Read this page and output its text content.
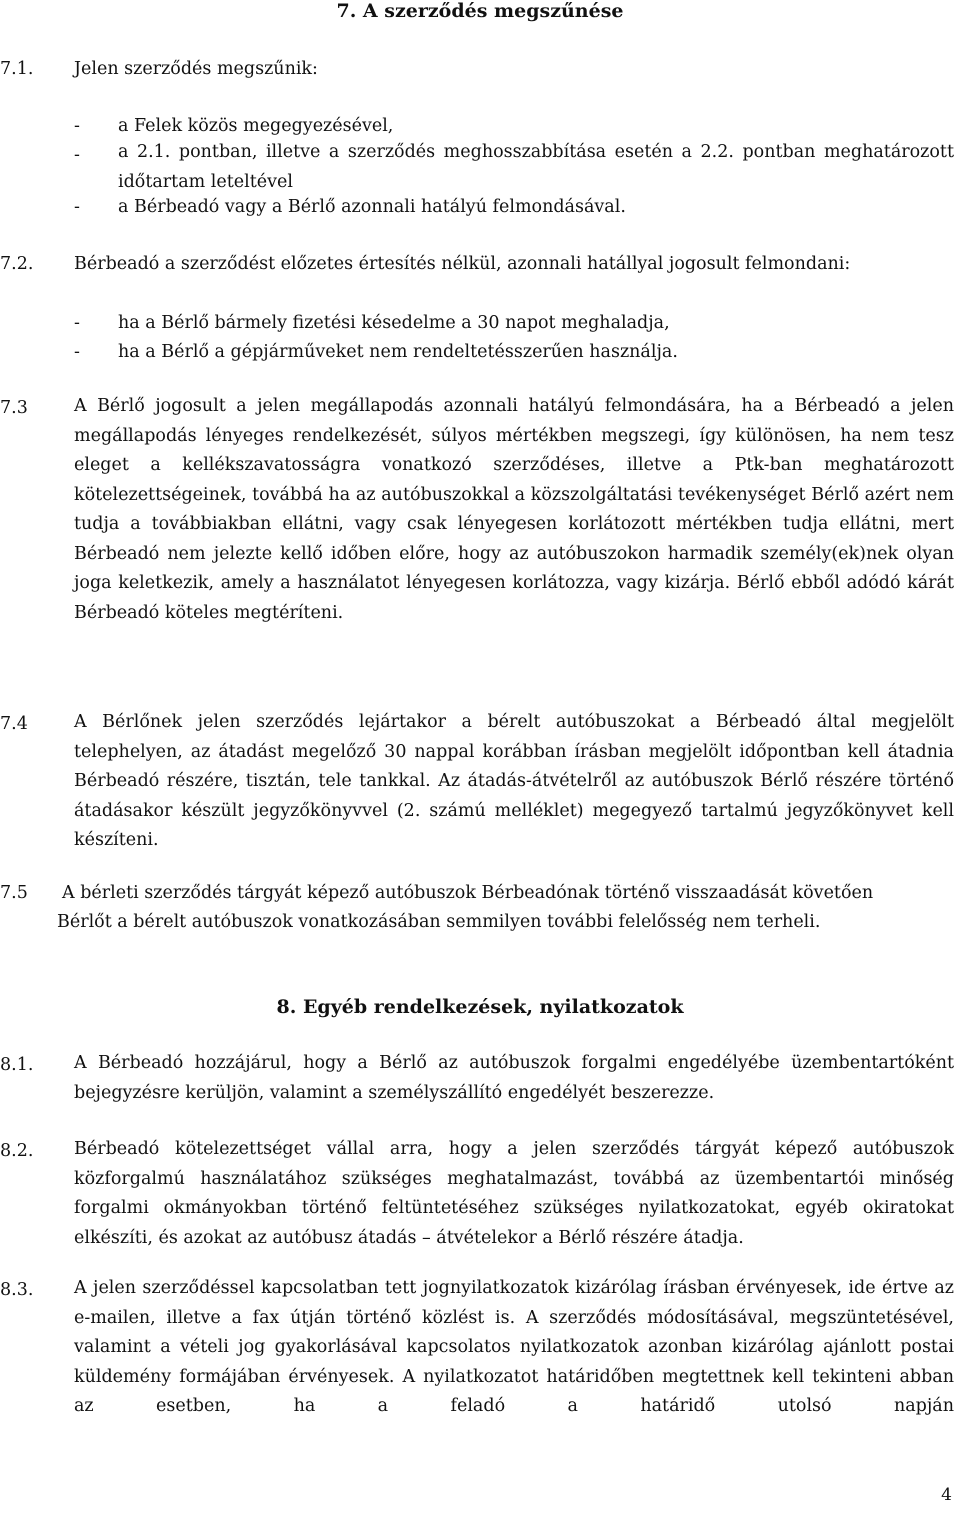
7. A szerződés megszűnése
7.1. Jelen szerződés megszűnik:
- a Felek közös megegyezésével,
- a 2.1. pontban, illetve a szerződés meghosszabbítása esetén a 2.2. pontban meghatározott időtartam leteltével
- a Bérbeadó vagy a Bérlő azonnali hatályú felmondásával.
7.2. Bérbeadó a szerződést előzetes értesítés nélkül, azonnali hatállyal jogosult felmondani:
- ha a Bérlő bármely fizetési késedelme a 30 napot meghaladja,
- ha a Bérlő a gépjárműveket nem rendeltetésszerűen használja.
7.3	A Bérlő jogosult a jelen megállapodás azonnali hatályú felmondására, ha a Bérbeadó a jelen megállapodás lényeges rendelkezését, súlyos mértékben megszegi, így különösen, ha nem tesz eleget a kellékszavatosságra vonatkozó szerződéses, illetve a Ptk-ban meghatározott kötelezettségeinek, továbbá ha az autóbuszokkal a közszolgáltatási tevékenységet Bérlő azért nem tudja a továbbiakban ellátni, vagy csak lényegesen korlátozott mértékben tudja ellátni, mert Bérbeadó nem jelezte kellő időben előre, hogy az autóbuszokon harmadik személy(ek)nek olyan joga keletkezik, amely a használatot lényegesen korlátozza, vagy kizárja. Bérlő ebből adódó kárát Bérbeadó köteles megtéríteni.
7.4	A Bérlőnek jelen szerződés lejártakor a bérelt autóbuszokat a Bérbeadó által megjelölt telephelyen, az átadást megelőző 30 nappal korábban írásban megjelölt időpontban kell átadnia Bérbeadó részére, tisztán, tele tankkal. Az átadás-átvételről az autóbuszok Bérlő részére történő átadásakor készült jegyzőkönyvvel (2. számú melléklet) megegyező tartalmú jegyzőkönyvet kell készíteni.
7.5 A bérleti szerződés tárgyát képező autóbuszok Bérbeadónak történő visszaadását követően
Bérlőt a bérelt autóbuszok vonatkozásában semmilyen további felelősség nem terheli.
8. Egyéb rendelkezések, nyilatkozatok
8.1. A Bérbeadó hozzájárul, hogy a Bérlő az autóbuszok forgalmi engedélyébe üzembentartóként bejegyzésre kerüljön, valamint a személyszállító engedélyét beszerezze.
8.2. Bérbeadó kötelezettséget vállal arra, hogy a jelen szerződés tárgyát képező autóbuszok közforgalmú használatához szükséges meghatalmazást, továbbá az üzembentartói minőség forgalmi okmányokban történő feltüntetéséhez szükséges nyilatkozatokat, egyéb okiratokat elkészíti, és azokat az autóbusz átadás – átvételekor a Bérlő részére átadja.
8.3. A jelen szerződéssel kapcsolatban tett jognyilatkozatok kizárólag írásban érvényesek, ide értve az e-mailen, illetve a fax útján történő közlést is. A szerződés módosításával, megszüntetésével, valamint a vételi jog gyakorlásával kapcsolatos nyilatkozatok azonban kizárólag ajánlott postai küldemény formájában érvényesek. A nyilatkozatot határidőben megtettnek kell tekinteni abban az esetben, ha a feladó a határidő utolsó napján
4
